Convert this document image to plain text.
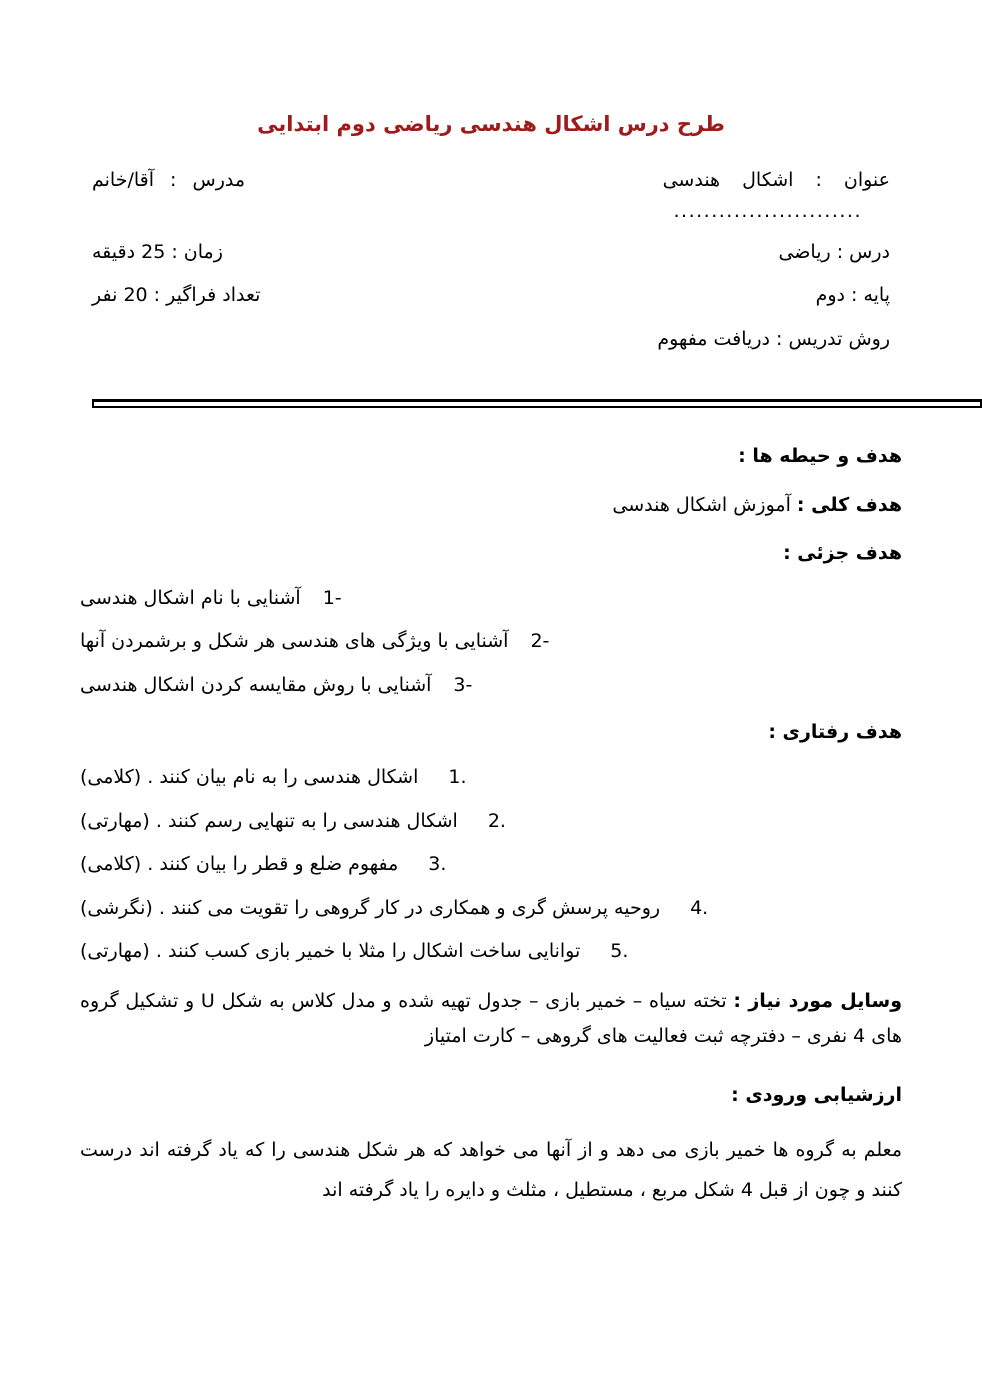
طرح درس اشکال هندسی ریاضی دوم ابتدایی
عنوان : اشکال هندسی
مدرس : آقا/خانم
.........................
درس : ریاضی
زمان : 25 دقیقه
پایه : دوم
تعداد فراگیر : 20 نفر
روش تدریس : دریافت مفهوم
هدف و حیطه ها :
هدف کلی : آموزش اشکال هندسی
هدف جزئی :
1-
آشنایی با نام اشکال هندسی
2-
آشنایی با ویژگی های هندسی هر شکل و برشمردن آنها
3-
آشنایی با روش مقایسه کردن اشکال هندسی
هدف رفتاری :
1.
اشکال هندسی را به نام بیان کنند . (کلامی)
2.
اشکال هندسی را به تنهایی رسم کنند . (مهارتی)
3.
مفهوم ضلع و قطر را بیان کنند . (کلامی)
4.
روحیه پرسش گری و همکاری در کار گروهی را تقویت می کنند . (نگرشی)
5.
توانایی ساخت اشکال را مثلا با خمیر بازی کسب کنند . (مهارتی)

وسایل مورد نیاز : تخته سیاه – خمیر بازی – جدول تهیه شده و مدل کلاس به شکل U و تشکیل گروه های 4 نفری – دفترچه ثبت فعالیت های گروهی – کارت امتیاز

ارزشیابی ورودی :

معلم به گروه ها خمیر بازی می دهد و از آنها می خواهد که هر شکل هندسی را که یاد گرفته اند درست کنند و چون از قبل 4 شکل مربع ، مستطیل ، مثلث و دایره را یاد گرفته اند
